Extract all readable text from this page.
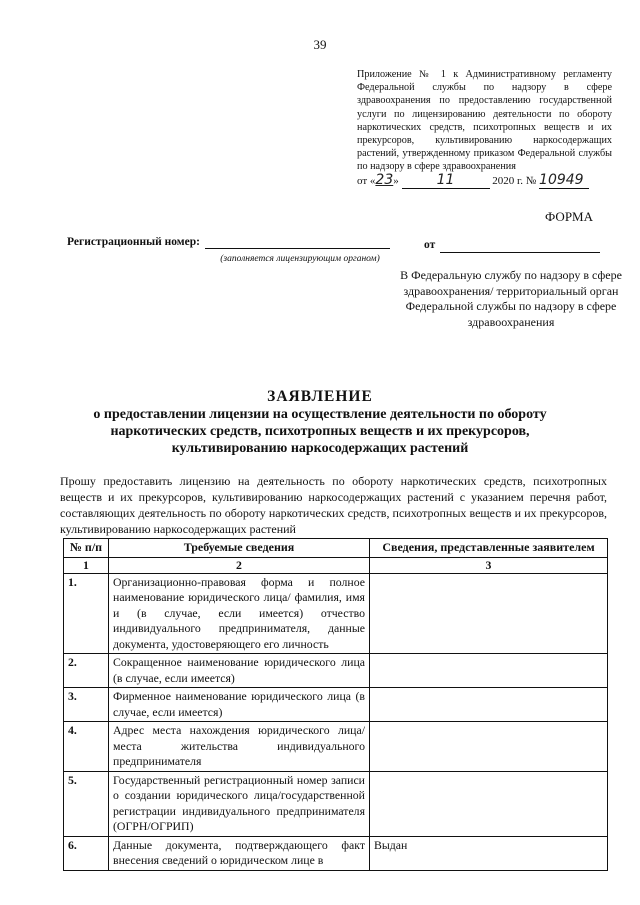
39
Приложение № 1 к Административному регламенту Федеральной службы по надзору в сфере здравоохранения по предоставлению государственной услуги по лицензированию деятельности по обороту наркотических средств, психотропных веществ и их прекурсоров, культивированию наркосодержащих растений, утвержденному приказом Федеральной службы по надзору в сфере здравоохранения
от «23»	11	2020 г. № 10949
ФОРМА
Регистрационный номер:
(заполняется лицензирующим органом)
от
В Федеральную службу по надзору в сфере здравоохранения/ территориальный орган Федеральной службы по надзору в сфере здравоохранения
ЗАЯВЛЕНИЕ
о предоставлении лицензии на осуществление деятельности по обороту наркотических средств, психотропных веществ и их прекурсоров, культивированию наркосодержащих растений
Прошу предоставить лицензию на деятельность по обороту наркотических средств, психотропных веществ и их прекурсоров, культивированию наркосодержащих растений с указанием перечня работ, составляющих деятельность по обороту наркотических средств, психотропных веществ и их прекурсоров, культивированию наркосодержащих растений
№ п/п	Требуемые сведения	Сведения, представленные заявителем
1	2	3
1.	Организационно-правовая форма и полное наименование юридического лица/ фамилия, имя и (в случае, если имеется) отчество индивидуального предпринимателя, данные документа, удостоверяющего его личность	
2.	Сокращенное наименование юридического лица (в случае, если имеется)	
3.	Фирменное наименование юридического лица (в случае, если имеется)	
4.	Адрес места нахождения юридического лица/места жительства индивидуального предпринимателя	
5.	Государственный регистрационный номер записи о создании юридического лица/государственной регистрации индивидуального предпринимателя (ОГРН/ОГРИП)	
6.	Данные документа, подтверждающего факт внесения сведений о юридическом лице в	Выдан
